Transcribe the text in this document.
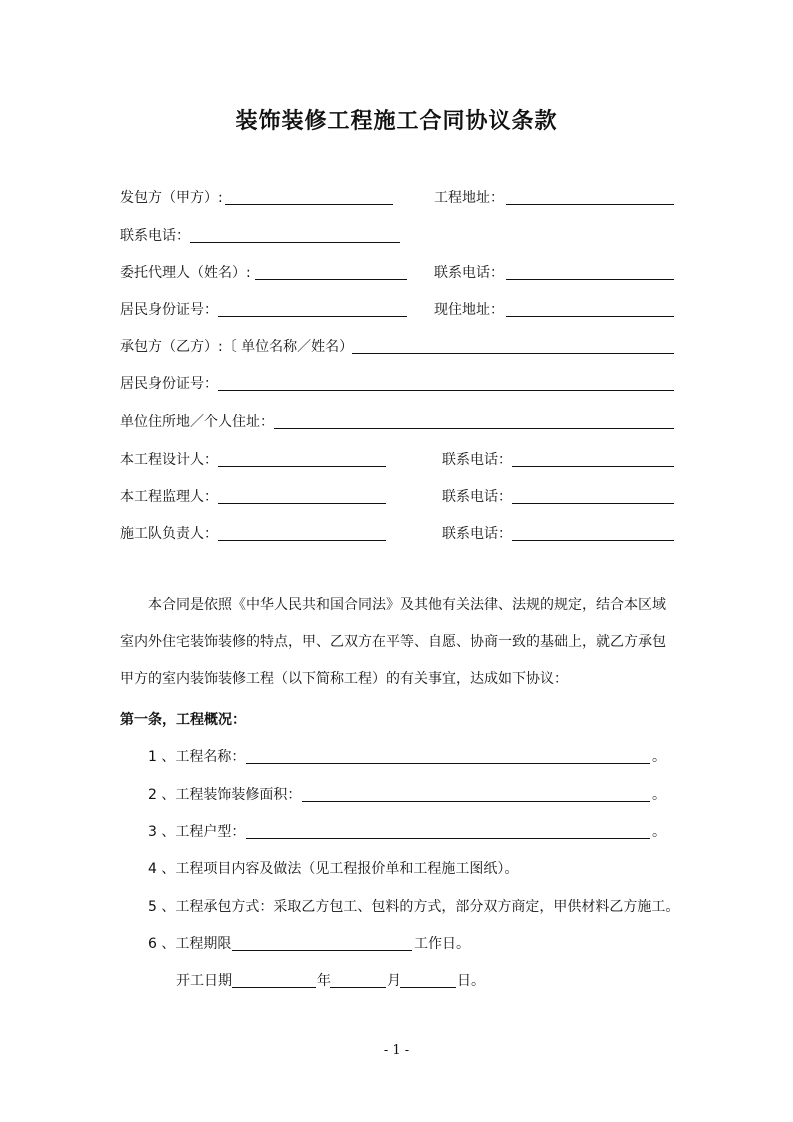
装饰装修工程施工合同协议条款
发包方（甲方）:	工程地址：
联系电话：
委托代理人（姓名）:	联系电话：
居民身份证号：	现住地址：
承包方（乙方）:〔 单位名称／姓名）
居民身份证号：
单位住所地／个人住址：
本工程设计人：	联系电话：
本工程监理人：	联系电话：
施工队负责人：	联系电话：
本合同是依照《中华人民共和国合同法》及其他有关法律、法规的规定，结合本区域室内外住宅装饰装修的特点，甲、乙双方在平等、自愿、协商一致的基础上，就乙方承包甲方的室内装饰装修工程（以下简称工程）的有关事宜，达成如下协议：
第一条，工程概况：
1 、工程名称：	。
2 、工程装饰装修面积：	。
3 、工程户型：	。
4 、工程项目内容及做法（见工程报价单和工程施工图纸）。
5 、工程承包方式：采取乙方包工、包料的方式，部分双方商定，甲供材料乙方施工。
6 、工程期限	工作日。
开工日期	年	月	日。
- 1 -
